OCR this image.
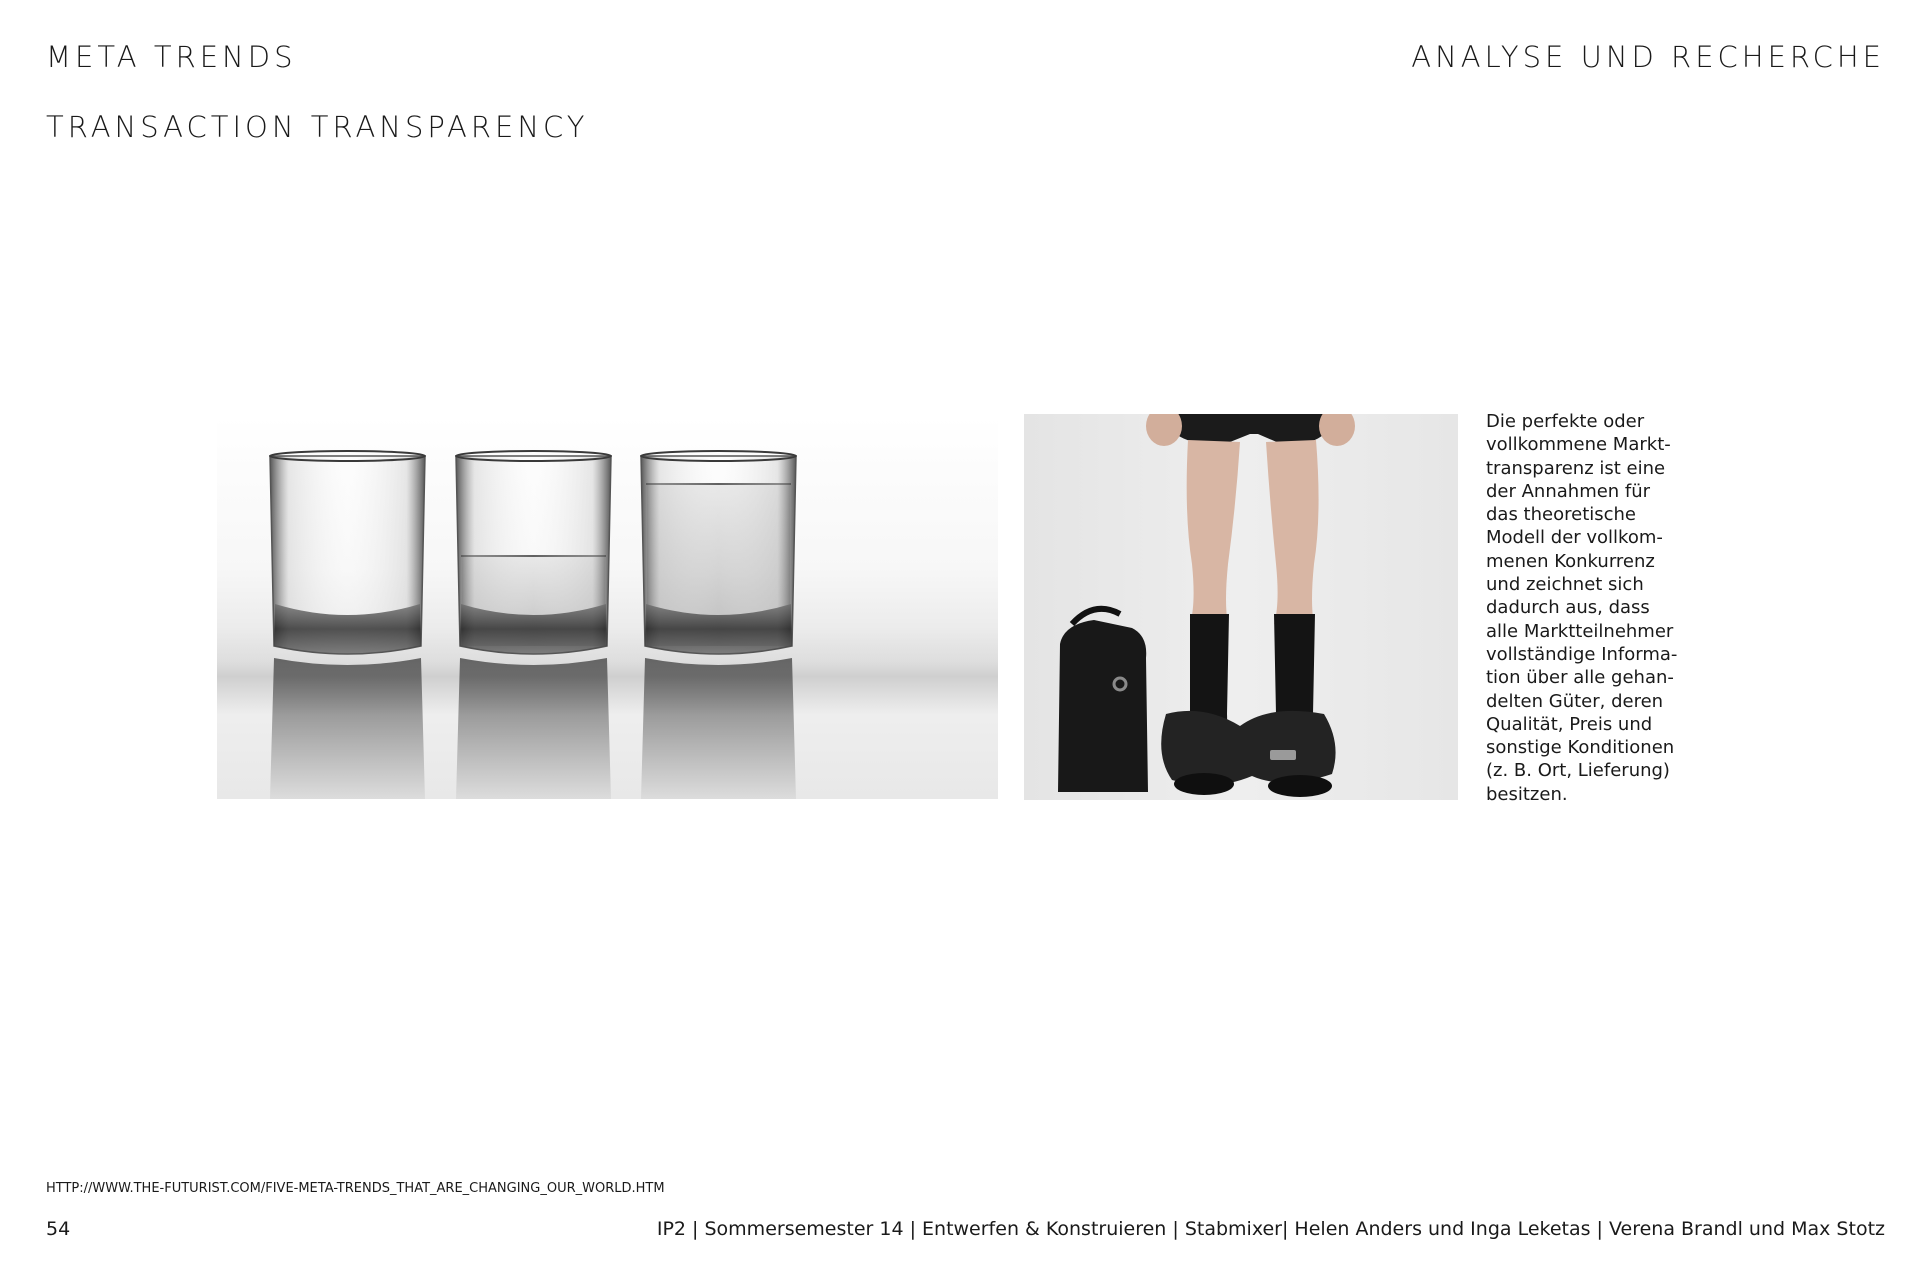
META TRENDS
TRANSACTION TRANSPARENCY
ANALYSE UND RECHERCHE
Die perfekte oder
vollkommene Markt-
transparenz ist eine
der Annahmen für
das theoretische
Modell der vollkom-
menen Konkurrenz
und zeichnet sich
dadurch aus, dass
alle Marktteilnehmer
vollständige Informa-
tion über alle gehan-
delten Güter, deren
Qualität, Preis und
sonstige Konditionen
(z. B. Ort, Lieferung)
besitzen.
HTTP://WWW.THE-FUTURIST.COM/FIVE-META-TRENDS_THAT_ARE_CHANGING_OUR_WORLD.HTM
54	IP2 | Sommersemester 14 | Entwerfen & Konstruieren | Stabmixer| Helen Anders und Inga Leketas | Verena Brandl und Max Stotz
